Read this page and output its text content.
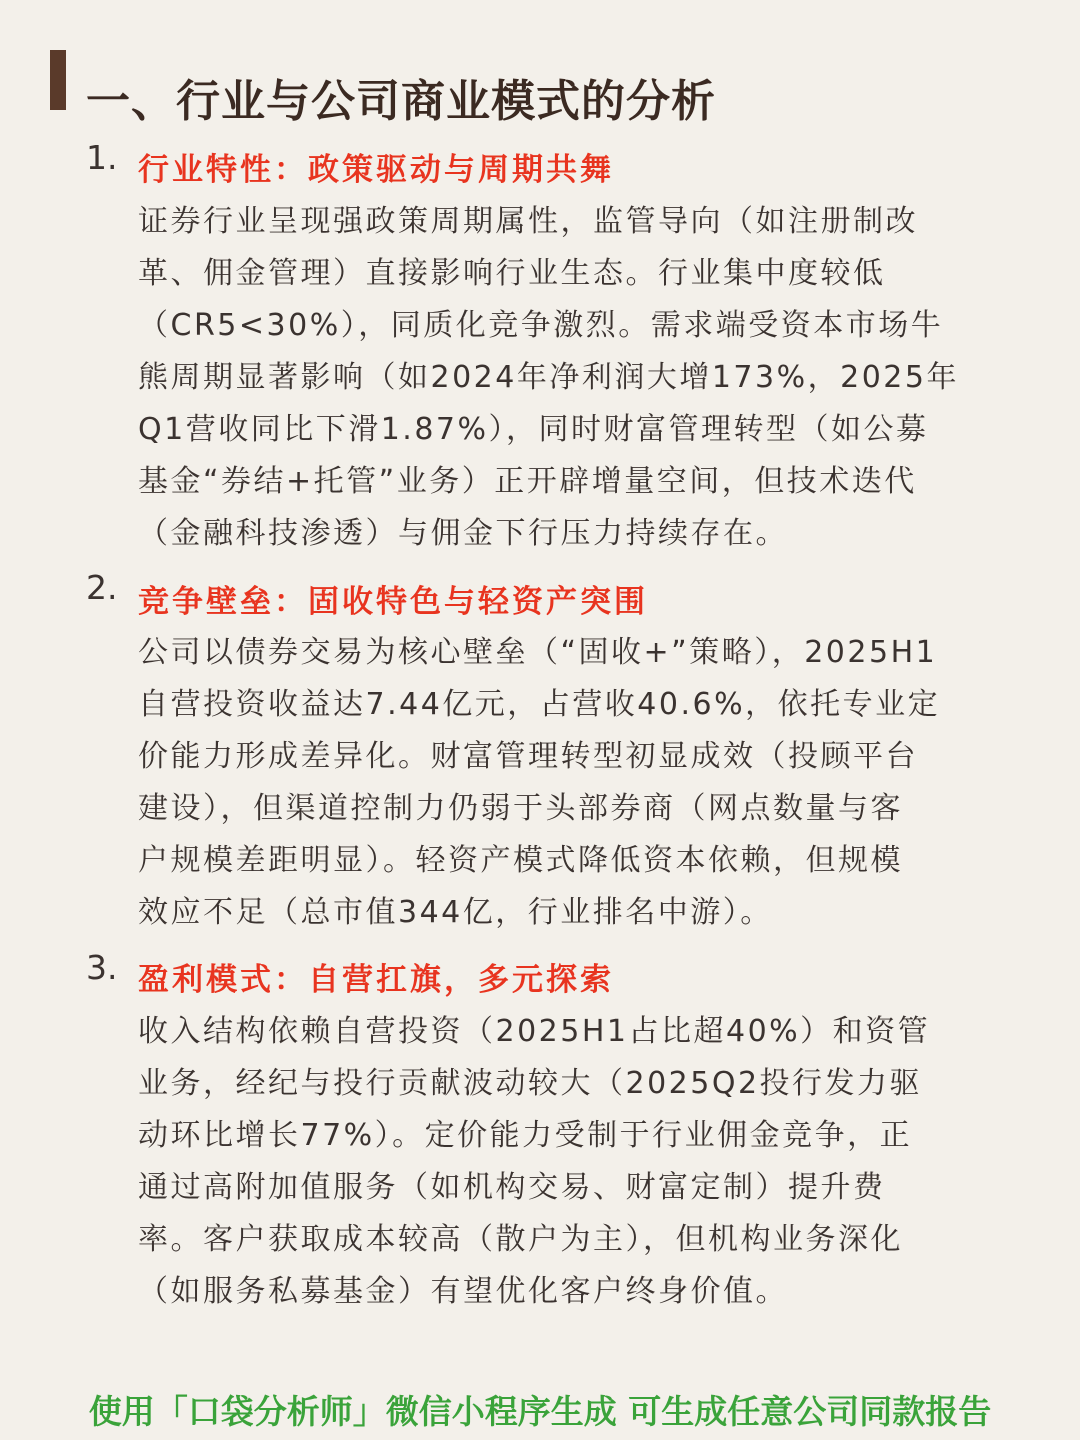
一、行业与公司商业模式的分析
1. 行业特性：政策驱动与周期共舞
证券行业呈现强政策周期属性，监管导向（如注册制改
革、佣金管理）直接影响行业生态。行业集中度较低
（CR5<30%），同质化竞争激烈。需求端受资本市场牛
熊周期显著影响（如2024年净利润大增173%，2025年
Q1营收同比下滑1.87%），同时财富管理转型（如公募
基金“券结+托管”业务）正开辟增量空间，但技术迭代
（金融科技渗透）与佣金下行压力持续存在。
2. 竞争壁垒：固收特色与轻资产突围
公司以债券交易为核心壁垒（“固收+”策略），2025H1
自营投资收益达7.44亿元，占营收40.6%，依托专业定
价能力形成差异化。财富管理转型初显成效（投顾平台
建设），但渠道控制力仍弱于头部券商（网点数量与客
户规模差距明显）。轻资产模式降低资本依赖，但规模
效应不足（总市值344亿，行业排名中游）。
3. 盈利模式：自营扛旗，多元探索
收入结构依赖自营投资（2025H1占比超40%）和资管
业务，经纪与投行贡献波动较大（2025Q2投行发力驱
动环比增长77%）。定价能力受制于行业佣金竞争，正
通过高附加值服务（如机构交易、财富定制）提升费
率。客户获取成本较高（散户为主），但机构业务深化
（如服务私募基金）有望优化客户终身价值。
使用「口袋分析师」微信小程序生成 可生成任意公司同款报告
